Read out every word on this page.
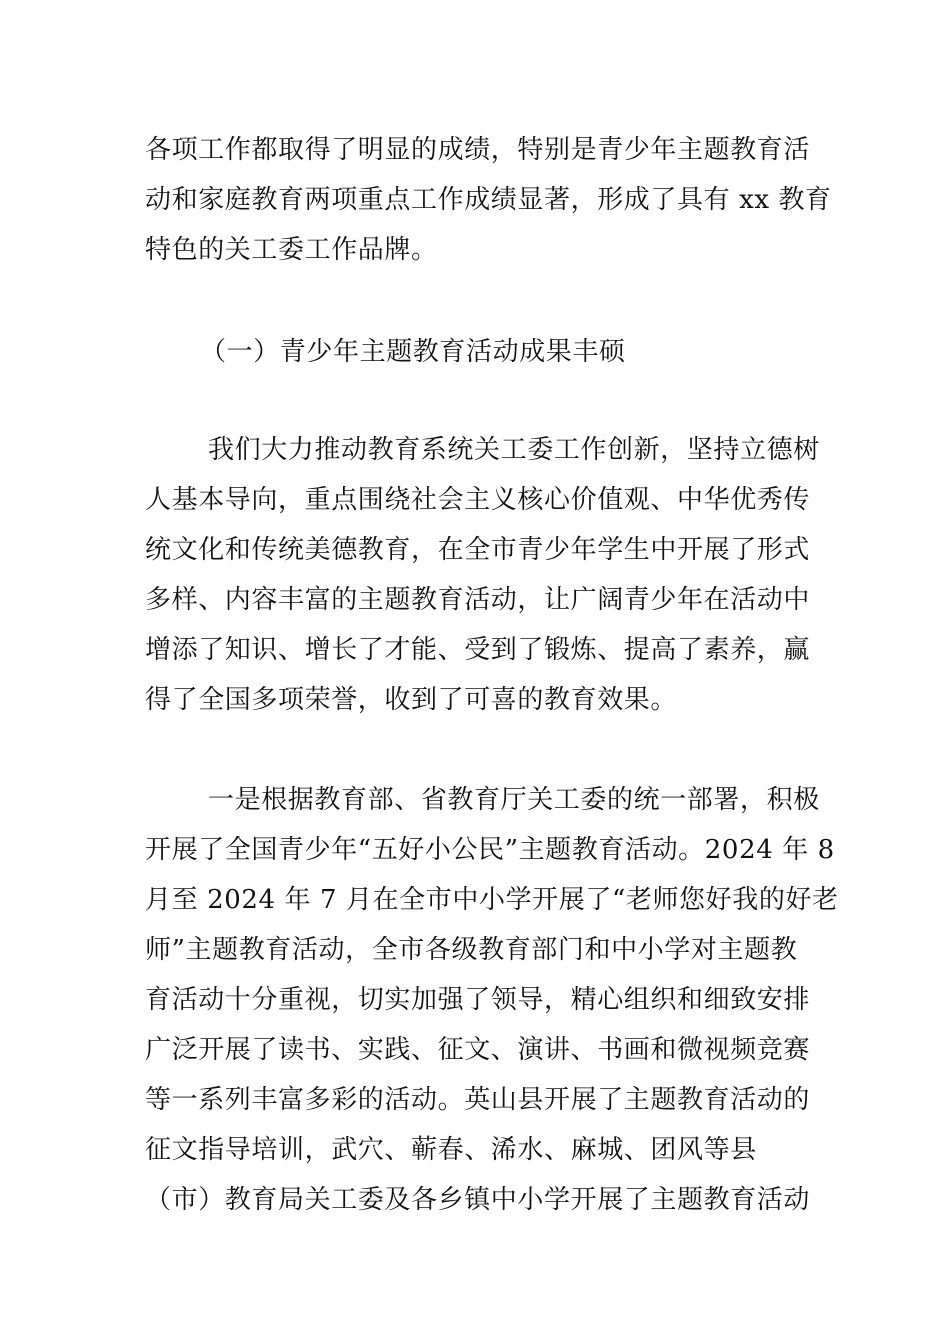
各项工作都取得了明显的成绩，特别是青少年主题教育活
动和家庭教育两项重点工作成绩显著，形成了具有 xx 教育
特色的关工委工作品牌。
（一）青少年主题教育活动成果丰硕
我们大力推动教育系统关工委工作创新，坚持立德树
人基本导向，重点围绕社会主义核心价值观、中华优秀传
统文化和传统美德教育，在全市青少年学生中开展了形式
多样、内容丰富的主题教育活动，让广阔青少年在活动中
增添了知识、增长了才能、受到了锻炼、提高了素养，赢
得了全国多项荣誉，收到了可喜的教育效果。
一是根据教育部、省教育厅关工委的统一部署，积极
开展了全国青少年“五好小公民”主题教育活动。2024 年 8
月至 2024 年 7 月在全市中小学开展了“老师您好我的好老
师”主题教育活动，全市各级教育部门和中小学对主题教
育活动十分重视，切实加强了领导，精心组织和细致安排
广泛开展了读书、实践、征文、演讲、书画和微视频竞赛
等一系列丰富多彩的活动。英山县开展了主题教育活动的
征文指导培训，武穴、蕲春、浠水、麻城、团风等县
（市）教育局关工委及各乡镇中小学开展了主题教育活动
